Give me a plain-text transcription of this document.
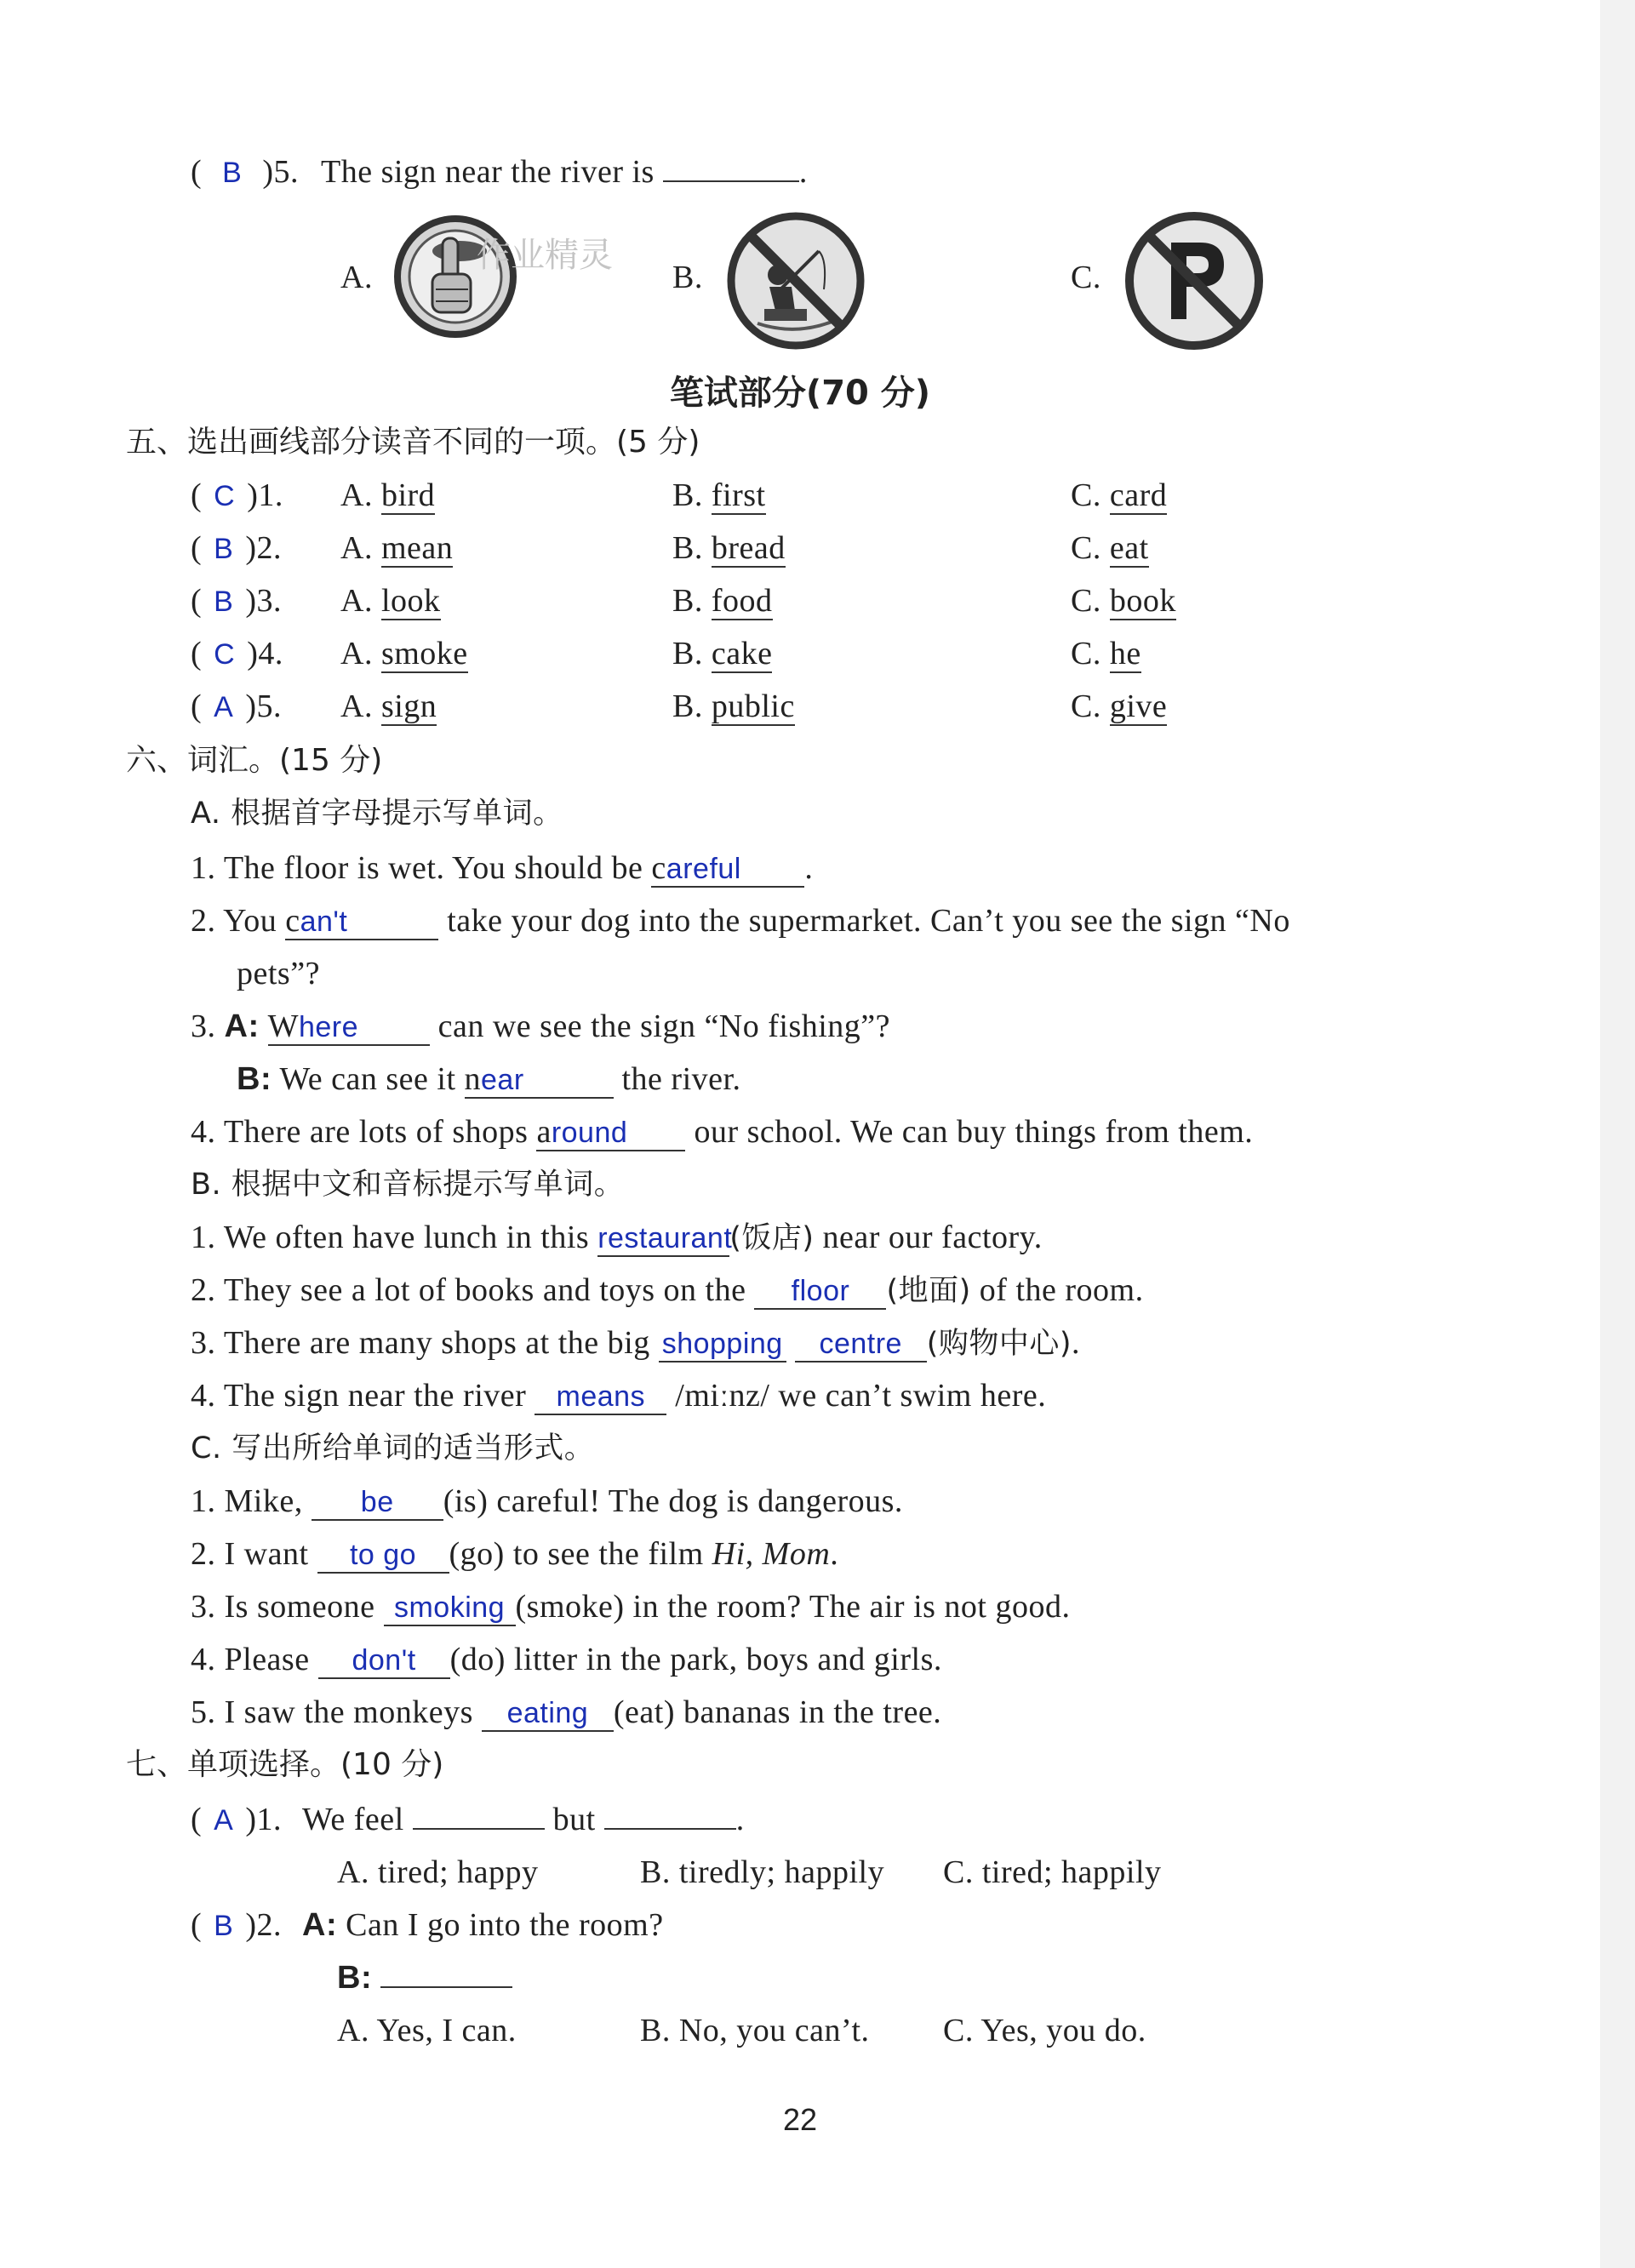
( B )5. The sign near the river is	.
A.	B.	C.
作业精灵
笔试部分(70 分)
五、选出画线部分读音不同的一项。(5 分)
( C )1. A. bird	B. first	C. card
( B )2. A. mean	B. bread	C. eat
( B )3. A. look	B. food	C. book
( C )4. A. smoke	B. cake	C. he
( A )5. A. sign	B. public	C. give
六、词汇。(15 分)
A. 根据首字母提示写单词。
1. The floor is wet. You should be careful .
2. You can't	take your dog into the supermarket. Can’t you see the sign “No
pets”?
3. A: Where can we see the sign “No fishing”?
B: We can see it near	the river.
4. There are lots of shops around our school. We can buy things from them.
B. 根据中文和音标提示写单词。
1. We often have lunch in this restaurant(饭店) near our factory.
2. They see a lot of books and toys on the floor (地面) of the room.
3. There are many shops at the big shopping centre (购物中心).
4. The sign near the river means /miːnz/ we can’t swim here.
C. 写出所给单词的适当形式。
1. Mike, be (is) careful! The dog is dangerous.
2. I want to go (go) to see the film Hi, Mom.
3. Is someone smoking (smoke) in the room? The air is not good.
4. Please don't (do) litter in the park, boys and girls.
5. I saw the monkeys eating (eat) bananas in the tree.
七、单项选择。(10 分)
( A )1. We feel	but	.
A. tired; happy	B. tiredly; happily C. tired; happily
( B )2. A: Can I go into the room?
B:
A. Yes, I can.	B. No, you can’t. C. Yes, you do.
22
